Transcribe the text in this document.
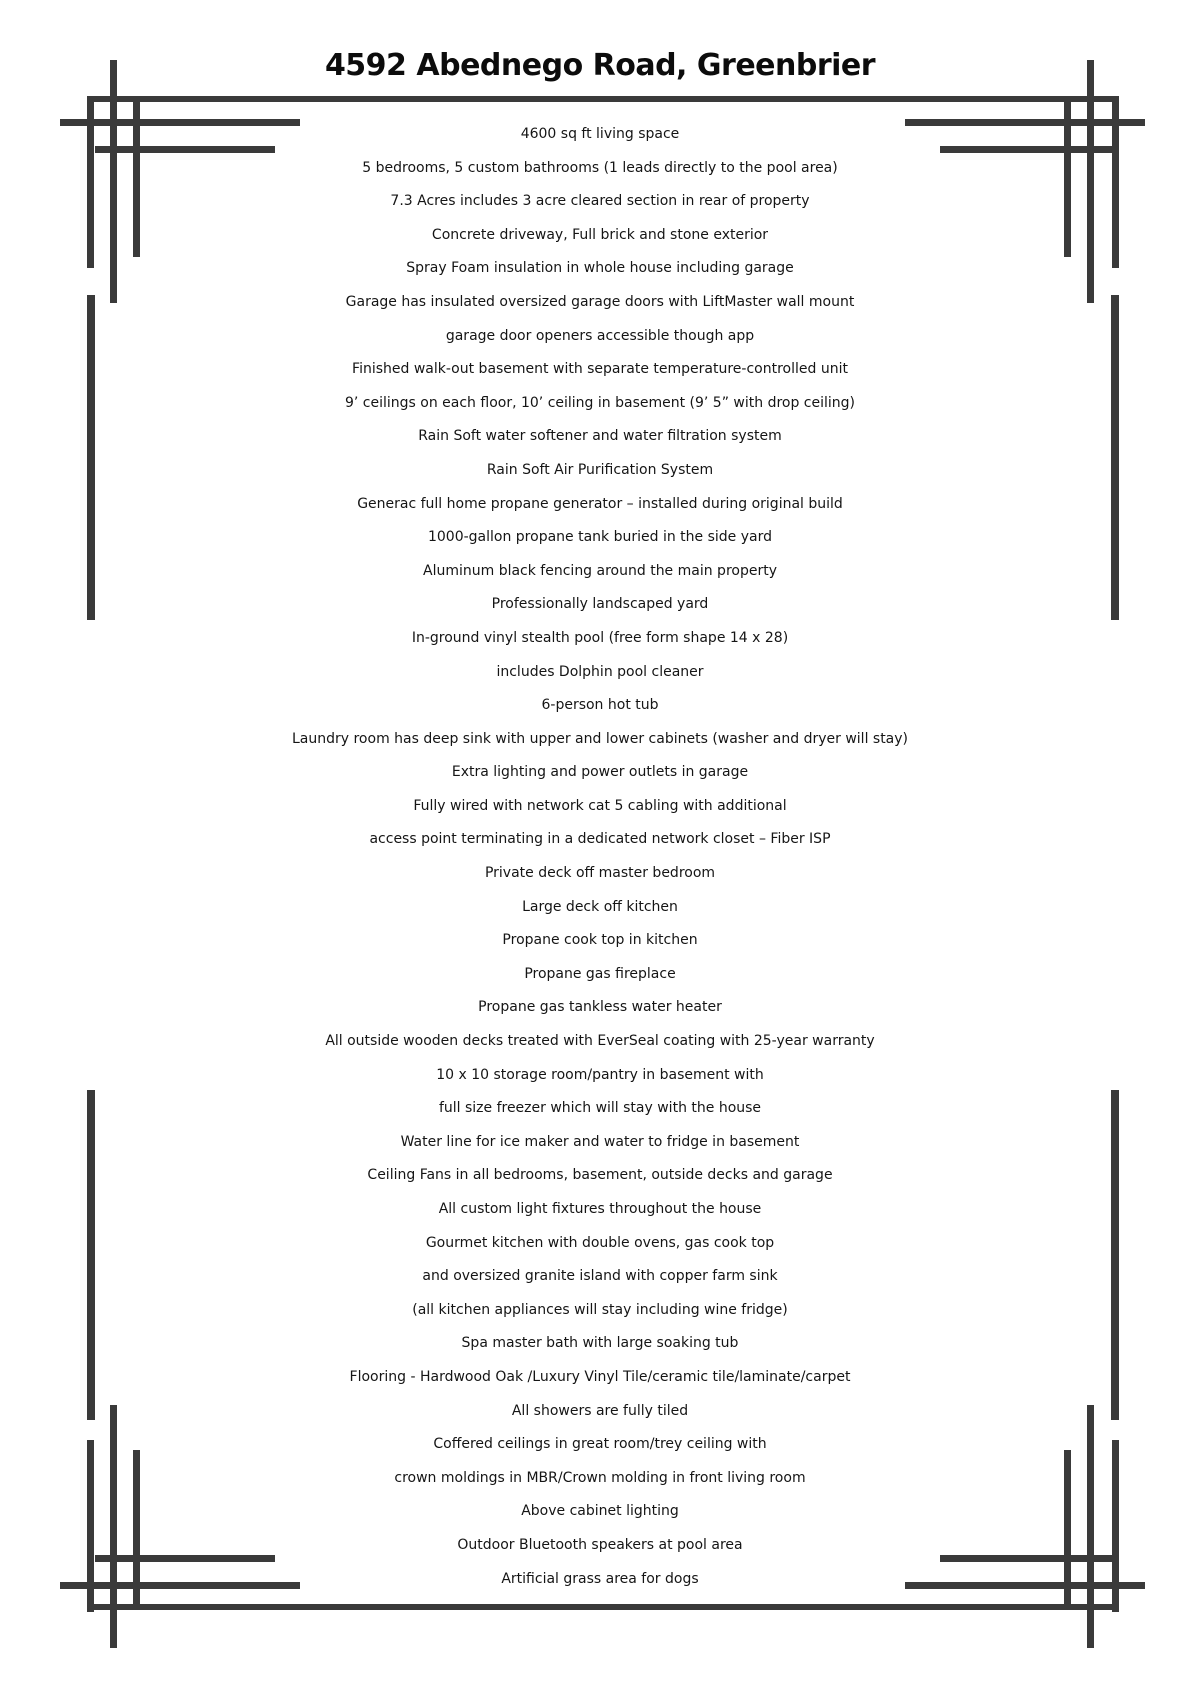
4592 Abednego Road, Greenbrier
4600 sq ft living space
5 bedrooms, 5 custom bathrooms (1 leads directly to the pool area)
7.3 Acres includes 3 acre cleared section in rear of property
Concrete driveway, Full brick and stone exterior
Spray Foam insulation in whole house including garage
Garage has insulated oversized garage doors with LiftMaster wall mount
garage door openers accessible though app
Finished walk-out basement with separate temperature-controlled unit
9’ ceilings on each floor, 10’ ceiling in basement (9’ 5” with drop ceiling)
Rain Soft water softener and water filtration system
Rain Soft Air Purification System
Generac full home propane generator – installed during original build
1000-gallon propane tank buried in the side yard
Aluminum black fencing around the main property
Professionally landscaped yard
In-ground vinyl stealth pool (free form shape 14 x 28)
includes Dolphin pool cleaner
6-person hot tub
Laundry room has deep sink with upper and lower cabinets (washer and dryer will stay)
Extra lighting and power outlets in garage
Fully wired with network cat 5 cabling with additional
access point terminating in a dedicated network closet – Fiber ISP
Private deck off master bedroom
Large deck off kitchen
Propane cook top in kitchen
Propane gas fireplace
Propane gas tankless water heater
All outside wooden decks treated with EverSeal coating with 25-year warranty
10 x 10 storage room/pantry in basement with
full size freezer which will stay with the house
Water line for ice maker and water to fridge in basement
Ceiling Fans in all bedrooms, basement, outside decks and garage
All custom light fixtures throughout the house
Gourmet kitchen with double ovens, gas cook top
and oversized granite island with copper farm sink
(all kitchen appliances will stay including wine fridge)
Spa master bath with large soaking tub
Flooring - Hardwood Oak /Luxury Vinyl Tile/ceramic tile/laminate/carpet
All showers are fully tiled
Coffered ceilings in great room/trey ceiling with
crown moldings in MBR/Crown molding in front living room
Above cabinet lighting
Outdoor Bluetooth speakers at pool area
Artificial grass area for dogs
